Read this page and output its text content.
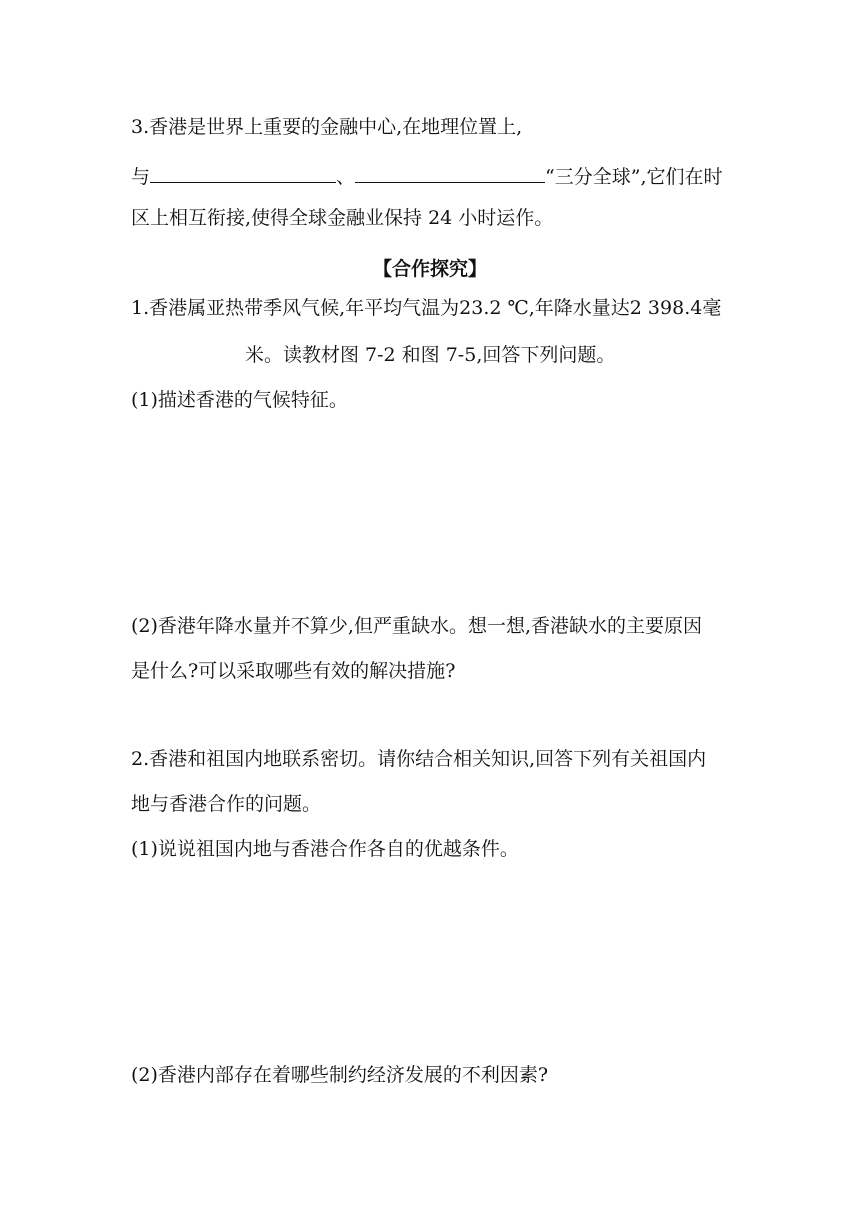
3.香港是世界上重要的金融中心,在地理位置上,
与	、	“三分全球”,它们在时
区上相互衔接,使得全球金融业保持 24 小时运作。
【合作探究】
1.香港属亚热带季风气候,年平均气温为23.2 ℃,年降水量达2 398.4毫
米。读教材图 7-2 和图 7-5,回答下列问题。
(1)描述香港的气候特征。
(2)香港年降水量并不算少,但严重缺水。想一想,香港缺水的主要原因
是什么?可以采取哪些有效的解决措施?
2.香港和祖国内地联系密切。请你结合相关知识,回答下列有关祖国内
地与香港合作的问题。
(1)说说祖国内地与香港合作各自的优越条件。
(2)香港内部存在着哪些制约经济发展的不利因素?
